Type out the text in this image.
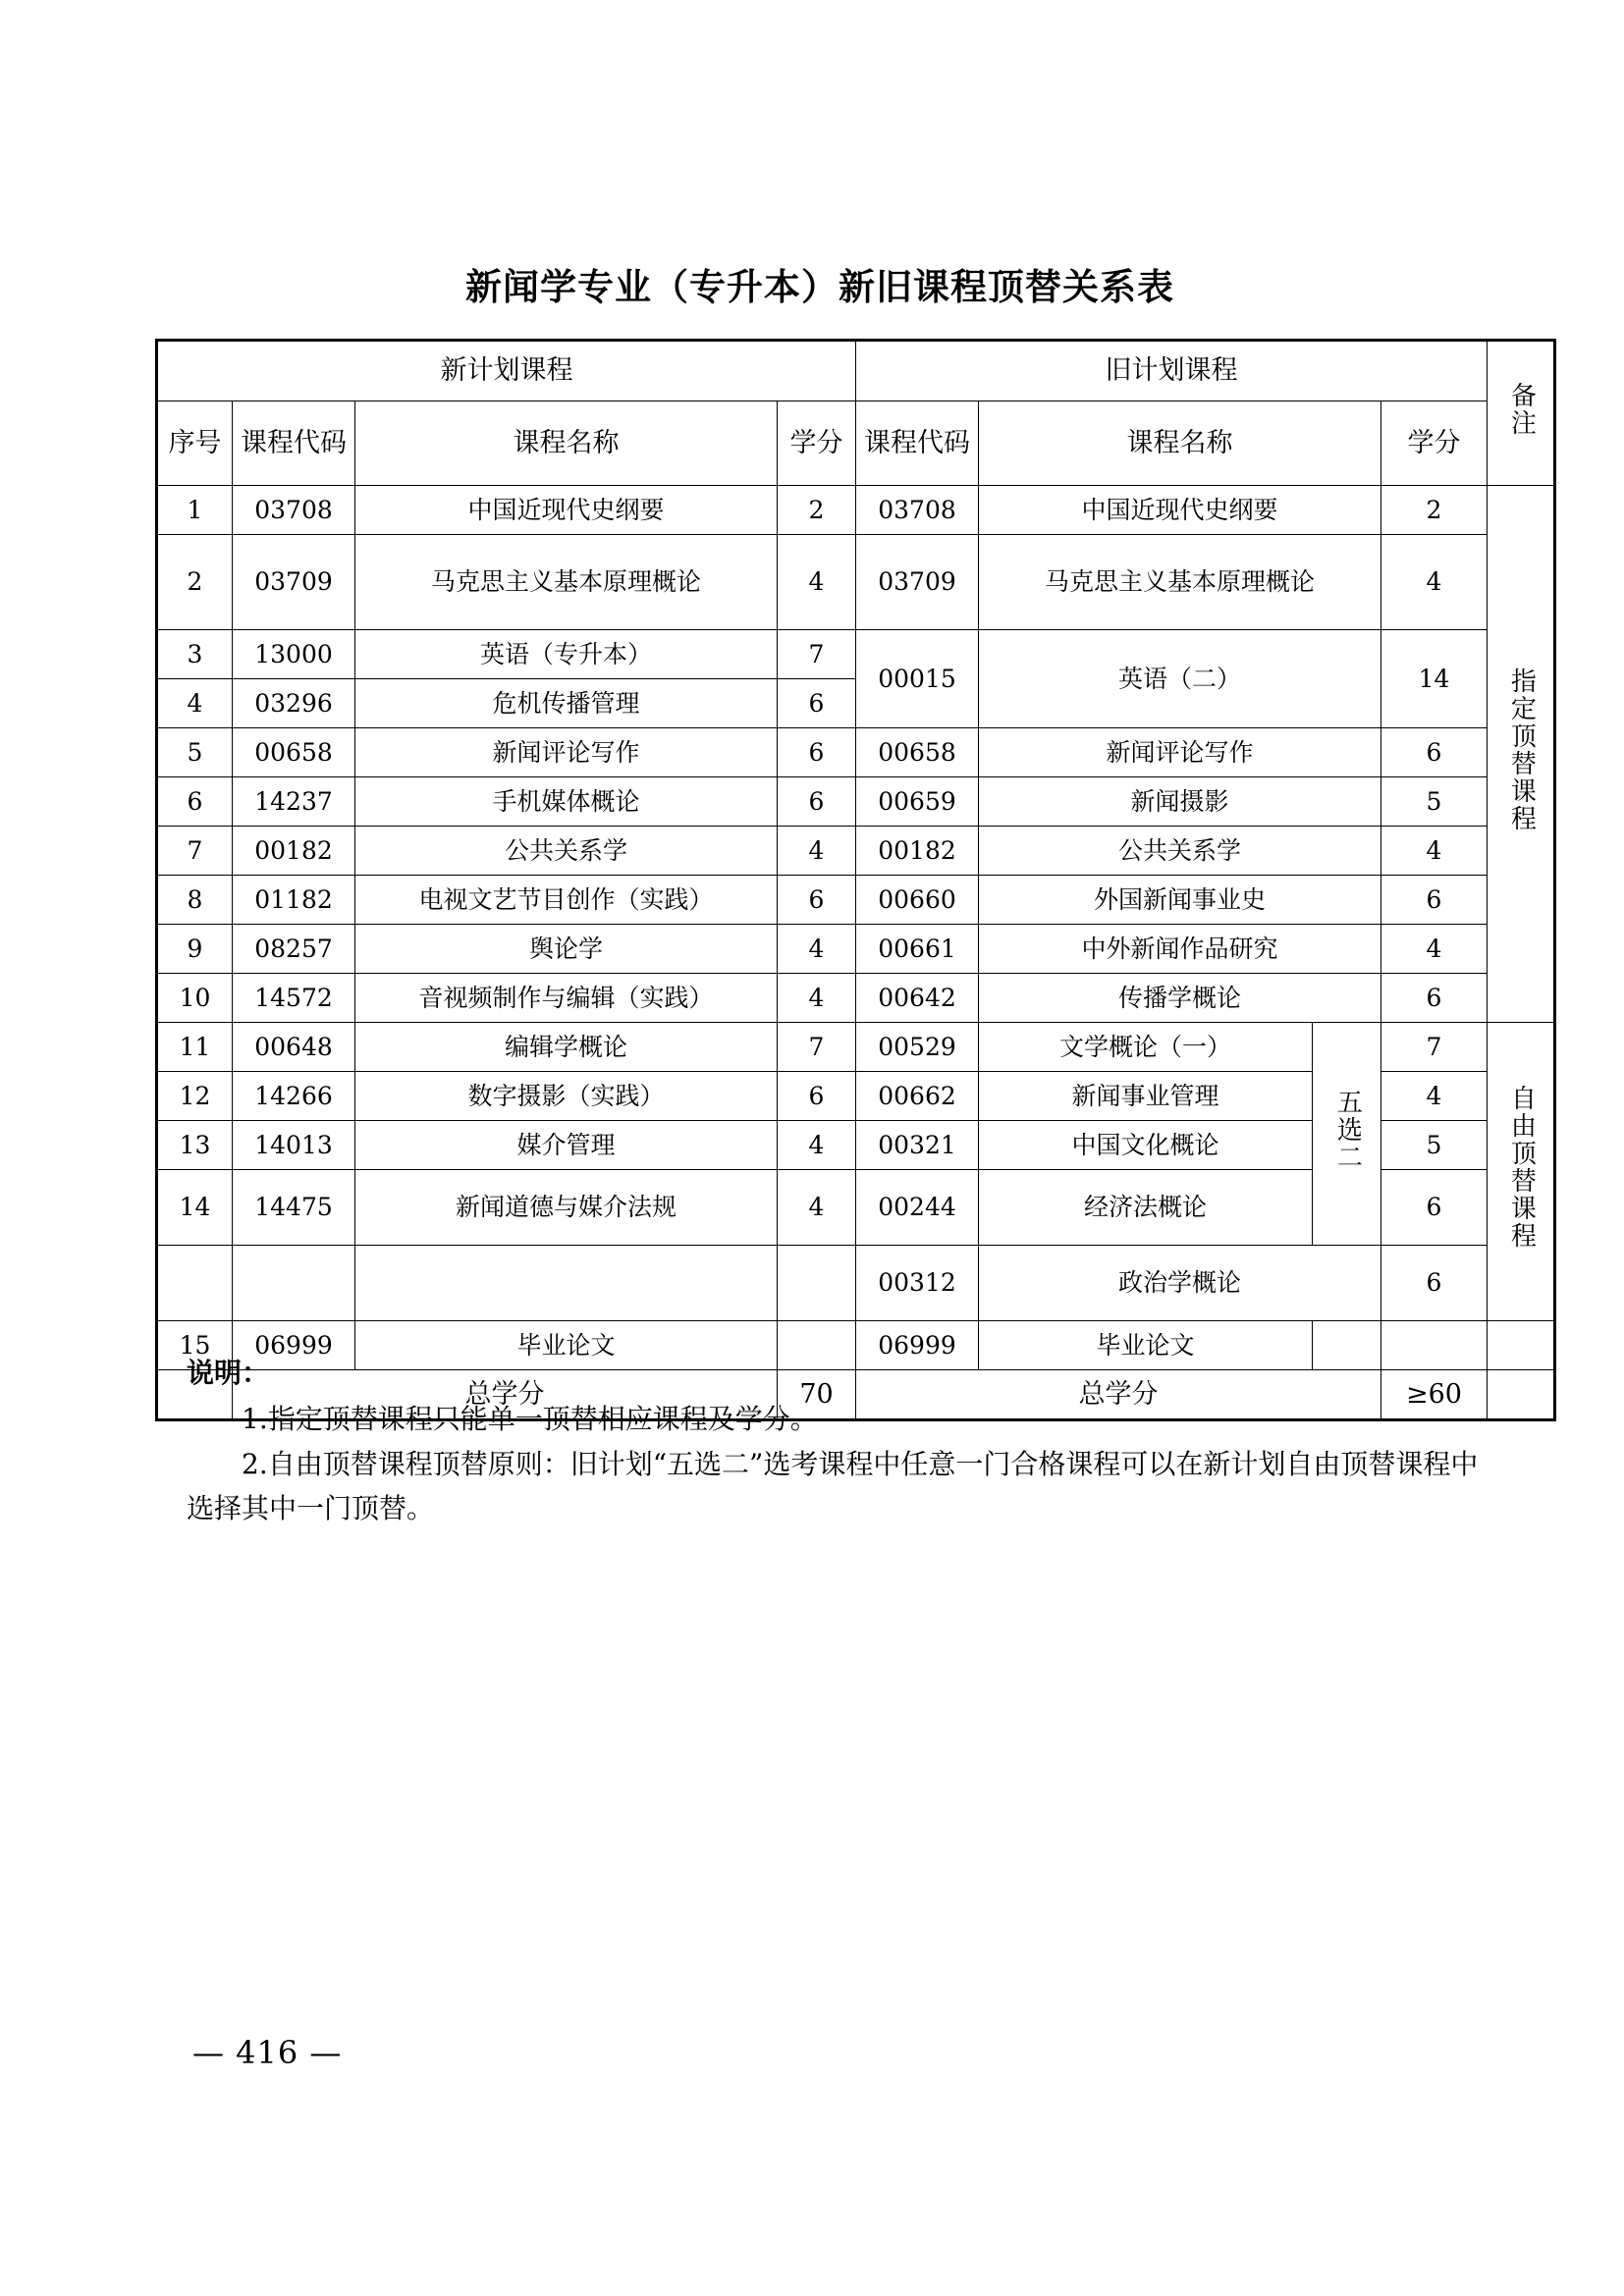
新闻学专业（专升本）新旧课程顶替关系表
新计划课程				旧计划课程				备注
序号	课程代码	课程名称	学分	课程代码	课程名称		学分	
1	03708	中国近现代史纲要	2	03708	中国近现代史纲要		2	指定顶替课程
2	03709	马克思主义基本原理概论	4	03709	马克思主义基本原理概论		4	
3	13000	英语（专升本）	7	00015	英语（二）		14	
4	03296	危机传播管理	6					
5	00658	新闻评论写作	6	00658	新闻评论写作		6	
6	14237	手机媒体概论	6	00659	新闻摄影		5	
7	00182	公共关系学	4	00182	公共关系学		4	
8	01182	电视文艺节目创作（实践）	6	00660	外国新闻事业史		6	
9	08257	舆论学	4	00661	中外新闻作品研究		4	
10	14572	音视频制作与编辑（实践）	4	00642	传播学概论		6	
11	00648	编辑学概论	7	00529	文学概论（一）	五选二	7	自由顶替课程
12	14266	数字摄影（实践）	6	00662	新闻事业管理		4	
13	14013	媒介管理	4	00321	中国文化概论		5	
14	14475	新闻道德与媒介法规	4	00244	经济法概论		6	
				00312	政治学概论		6	
15	06999	毕业论文		06999	毕业论文			
	总学分		70	总学分			≥60	

说明：

1.指定顶替课程只能单一顶替相应课程及学分。

2.自由顶替课程顶替原则：旧计划“五选二”选考课程中任意一门合格课程可以在新计划自由顶替课程中选择其中一门顶替。

— 416 —
